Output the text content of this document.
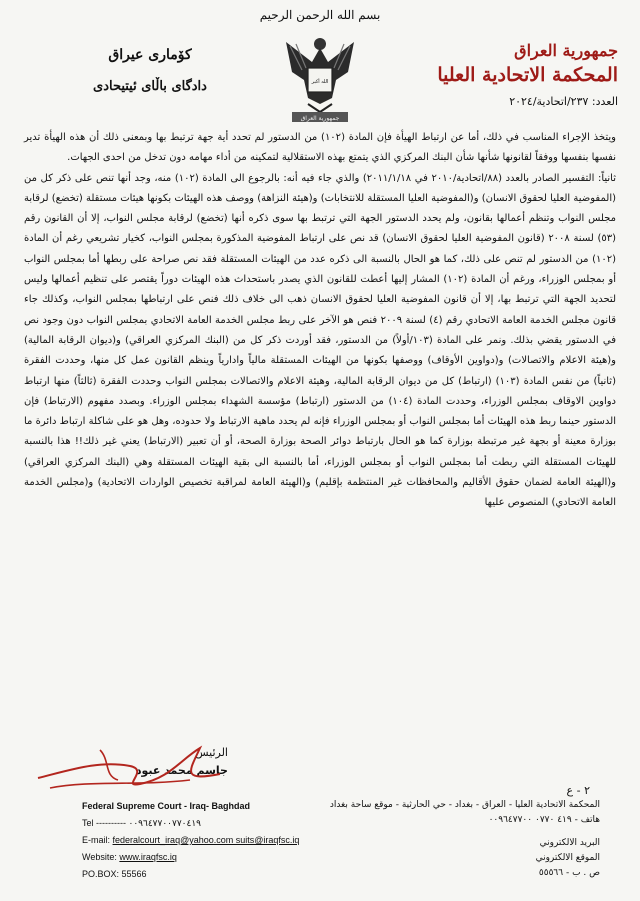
بسم الله الرحمن الرحيم
جمهورية العراق
المحكمة الاتحادية العليا
العدد: ٢٣٧/اتحادية/٢٠٢٤
كۆماری عیراق
دادگای باڵای ئیتیحادی	الله أكبر
جمهورية العراق

ويتخذ الإجراء المناسب في ذلك، أما عن ارتباط الهيأة فإن المادة (١٠٢) من الدستور لم تحدد أية جهة ترتبط بها وبمعنى ذلك أن هذه الهيأة تدير نفسها بنفسها ووفقاً لقانونها شأنها شأن البنك المركزي الذي يتمتع بهذه الاستقلالية لتمكينه من أداء مهامه دون تدخل من احدى الجهات.

ثانياً: التفسير الصادر بالعدد (٨٨/اتحادية/٢٠١٠ في ٢٠١١/١/١٨) والذي جاء فيه أنه: بالرجوع الى المادة (١٠٢) منه، وجد أنها تنص على ذكر كل من (المفوضية العليا لحقوق الانسان) و(المفوضية العليا المستقلة للانتخابات) و(هيئة النزاهة) ووصف هذه الهيئات بكونها هيئات مستقلة (تخضع) لرقابة مجلس النواب وتنظم أعمالها بقانون، ولم يحدد الدستور الجهة التي ترتبط بها سوى ذكره أنها (تخضع) لرقابة مجلس النواب، إلا أن القانون رقم (٥٣) لسنة ٢٠٠٨ (قانون المفوضية العليا لحقوق الانسان) قد نص على ارتباط المفوضية المذكورة بمجلس النواب، كخيار تشريعي رغم أن المادة (١٠٢) من الدستور لم تنص على ذلك، كما هو الحال بالنسبة الى ذكره عدد من الهيئات المستقلة فقد نص صراحة على ربطها أما بمجلس النواب أو بمجلس الوزراء، ورغم أن المادة (١٠٢) المشار إليها أعطت للقانون الذي يصدر باستحداث هذه الهيئات دوراً يقتصر على تنظيم أعمالها وليس لتحديد الجهة التي ترتبط بها، إلا أن قانون المفوضية العليا لحقوق الانسان ذهب الى خلاف ذلك فنص على ارتباطها بمجلس النواب، وكذلك جاء قانون مجلس الخدمة العامة الاتحادي رقم (٤) لسنة ٢٠٠٩ فنص هو الآخر على ربط مجلس الخدمة العامة الاتحادي بمجلس النواب دون وجود نص في الدستور يقضي بذلك. ونمر على المادة (١٠٣/أولاً) من الدستور، فقد أوردت ذكر كل من (البنك المركزي العراقي) و(ديوان الرقابة المالية) و(هيئة الاعلام والاتصالات) و(دواوين الأوقاف) ووصفها بكونها من الهيئات المستقلة مالياً وادارياً وينظم القانون عمل كل منها، وحددت الفقرة (ثانياً) من نفس المادة (١٠٣) (ارتباط) كل من ديوان الرقابة المالية، وهيئة الاعلام والاتصالات بمجلس النواب وحددت الفقرة (ثالثاً) منها ارتباط دواوين الاوقاف بمجلس الوزراء، وحددت المادة (١٠٤) من الدستور (ارتباط) مؤسسة الشهداء بمجلس الوزراء. وبصدد مفهوم (الارتباط) فإن الدستور حينما ربط هذه الهيئات أما بمجلس النواب أو بمجلس الوزراء فإنه لم يحدد ماهية الارتباط ولا حدوده، وهل هو على شاكلة ارتباط دائرة ما بوزارة معينة أو بجهة غير مرتبطة بوزارة كما هو الحال بارتباط دوائر الصحة بوزارة الصحة، أو أن تعبير (الارتباط) يعني غير ذلك!! هذا بالنسبة للهيئات المستقلة التي ربطت أما بمجلس النواب أو بمجلس الوزراء، أما بالنسبة الى بقية الهيئات المستقلة وهي (البنك المركزي العراقي) و(الهيئة العامة لضمان حقوق الأقاليم والمحافظات غير المنتظمة بإقليم) و(الهيئة العامة لمراقبة تخصيص الواردات الاتحادية) و(مجلس الخدمة العامة الاتحادي) المنصوص عليها

٢ - ع
الرئيس
جاسم محمد عبود
Federal Supreme Court - Iraq- Baghdad
Tel ---------- ٠٠٩٦٤٧٧٠٠٧٧٠٤١٩
E-mail: federalcourt_iraq@yahoo.com suits@iraqfsc.iq
Website: www.iraqfsc.iq
PO.BOX: 55566
المحكمة الاتحادية العليا - العراق - بغداد - حي الحارثية - موقع ساحة بغداد
هاتف - ٤١٩ ٠٧٧٠ ٠٠٩٦٤٧٧٠٠
البريد الالكتروني
الموقع الالكتروني
ص . ب - ٥٥٥٦٦
